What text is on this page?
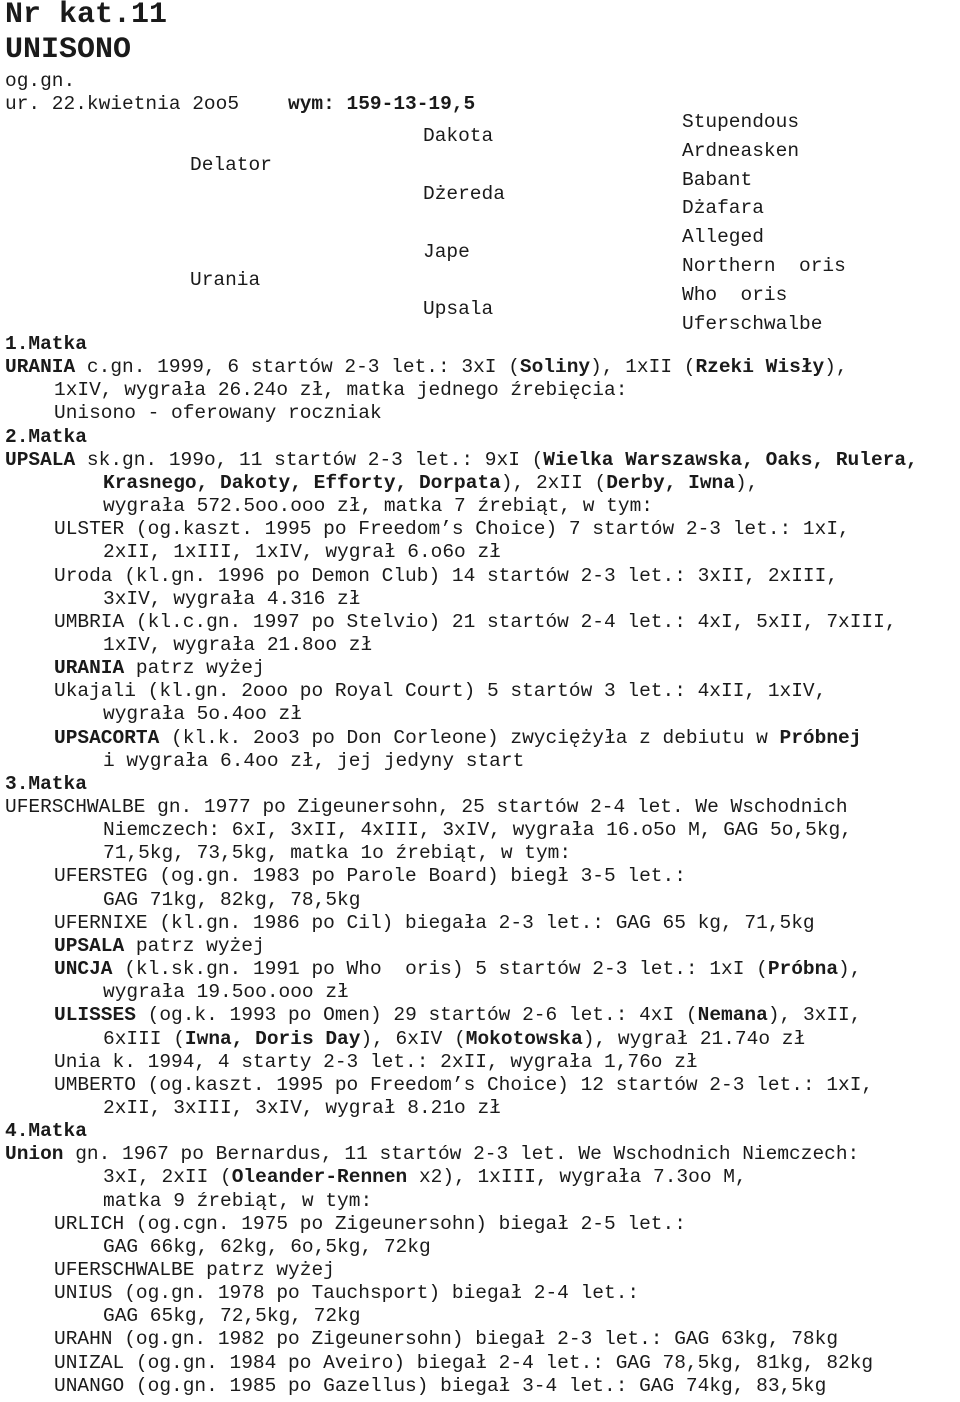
Nr kat.11
UNISONO
og.gn.
ur. 22.kwietnia 2oo5	wym: 159-13-19,5
Delator
Urania
Dakota
Dżereda
Jape
Upsala
Stupendous
Ardneasken
Babant
Dżafara
Alleged
Northern  oris
Who  oris
Uferschwalbe
1.Matka
URANIA c.gn. 1999, 6 startów 2-3 let.: 3xI (Soliny), 1xII (Rzeki Wisły),
1xIV, wygrała 26.24o zł, matka jednego źrebięcia:
Unisono - oferowany roczniak
2.Matka
UPSALA sk.gn. 199o, 11 startów 2-3 let.: 9xI (Wielka Warszawska, Oaks, Rulera,
Krasnego, Dakoty, Efforty, Dorpata), 2xII (Derby, Iwna),
wygrała 572.5oo.ooo zł, matka 7 źrebiąt, w tym:
ULSTER (og.kaszt. 1995 po Freedom’s Choice) 7 startów 2-3 let.: 1xI,
2xII, 1xIII, 1xIV, wygrał 6.o6o zł
Uroda (kl.gn. 1996 po Demon Club) 14 startów 2-3 let.: 3xII, 2xIII,
3xIV, wygrała 4.316 zł
UMBRIA (kl.c.gn. 1997 po Stelvio) 21 startów 2-4 let.: 4xI, 5xII, 7xIII,
1xIV, wygrała 21.8oo zł
URANIA patrz wyżej
Ukajali (kl.gn. 2ooo po Royal Court) 5 startów 3 let.: 4xII, 1xIV,
wygrała 5o.4oo zł
UPSACORTA (kl.k. 2oo3 po Don Corleone) zwyciężyła z debiutu w Próbnej
i wygrała 6.4oo zł, jej jedyny start
3.Matka
UFERSCHWALBE gn. 1977 po Zigeunersohn, 25 startów 2-4 let. We Wschodnich
Niemczech: 6xI, 3xII, 4xIII, 3xIV, wygrała 16.o5o M, GAG 5o,5kg,
71,5kg, 73,5kg, matka 1o źrebiąt, w tym:
UFERSTEG (og.gn. 1983 po Parole Board) biegł 3-5 let.:
GAG 71kg, 82kg, 78,5kg
UFERNIXE (kl.gn. 1986 po Cil) biegała 2-3 let.: GAG 65 kg, 71,5kg
UPSALA patrz wyżej
UNCJA (kl.sk.gn. 1991 po Who  oris) 5 startów 2-3 let.: 1xI (Próbna),
wygrała 19.5oo.ooo zł
ULISSES (og.k. 1993 po Omen) 29 startów 2-6 let.: 4xI (Nemana), 3xII,
6xIII (Iwna, Doris Day), 6xIV (Mokotowska), wygrał 21.74o zł
Unia k. 1994, 4 starty 2-3 let.: 2xII, wygrała 1,76o zł
UMBERTO (og.kaszt. 1995 po Freedom’s Choice) 12 startów 2-3 let.: 1xI,
2xII, 3xIII, 3xIV, wygrał 8.21o zł
4.Matka
Union gn. 1967 po Bernardus, 11 startów 2-3 let. We Wschodnich Niemczech:
3xI, 2xII (Oleander-Rennen x2), 1xIII, wygrała 7.3oo M,
matka 9 źrebiąt, w tym:
URLICH (og.cgn. 1975 po Zigeunersohn) biegał 2-5 let.:
GAG 66kg, 62kg, 6o,5kg, 72kg
UFERSCHWALBE patrz wyżej
UNIUS (og.gn. 1978 po Tauchsport) biegał 2-4 let.:
GAG 65kg, 72,5kg, 72kg
URAHN (og.gn. 1982 po Zigeunersohn) biegał 2-3 let.: GAG 63kg, 78kg
UNIZAL (og.gn. 1984 po Aveiro) biegał 2-4 let.: GAG 78,5kg, 81kg, 82kg
UNANGO (og.gn. 1985 po Gazellus) biegał 3-4 let.: GAG 74kg, 83,5kg
